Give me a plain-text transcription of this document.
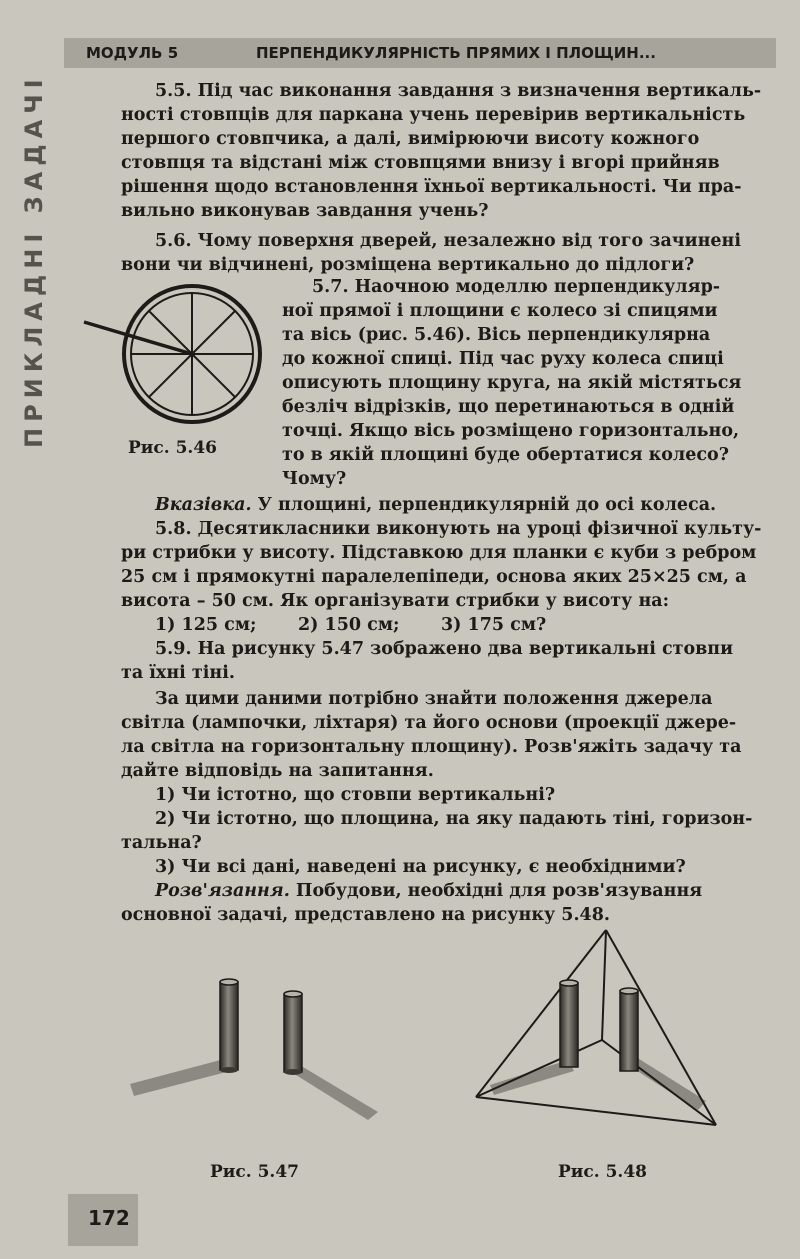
МОДУЛЬ 5	ПЕРПЕНДИКУЛЯРНІСТЬ ПРЯМИХ І ПЛОЩИН...
ПРИКЛАДНІ ЗАДАЧІ	5.5. Під час виконання завдання з визначення вертикаль-
ності стовпців для паркана учень перевірив вертикальність
першого стовпчика, а далі, вимірюючи висоту кожного
стовпця та відстані між стовпцями внизу і вгорі прийняв
рішення щодо встановлення їхньої вертикальності. Чи пра-
вильно виконував завдання учень?
5.6. Чому поверхня дверей, незалежно від того зачинені
вони чи відчинені, розміщена вертикально до підлоги?
Рис. 5.46
5.7. Наочною моделлю перпендикуляр-
ної прямої і площини є колесо зі спицями
та вісь (рис. 5.46). Вісь перпендикулярна
до кожної спиці. Під час руху колеса спиці
описують площину круга, на якій містяться
безліч відрізків, що перетинаються в одній
точці. Якщо вісь розміщено горизонтально,
то в якій площині буде обертатися колесо?
Чому?
Вказівка. У площині, перпендикулярній до осі колеса.
5.8. Десятикласники виконують на уроці фізичної культу-
ри стрибки у висоту. Підставкою для планки є куби з ребром
25 см і прямокутні паралелепіпеди, основа яких 25×25 см, а
висота – 50 см. Як організувати стрибки у висоту на:
1) 125 см; 2) 150 см; 3) 175 см?
5.9. На рисунку 5.47 зображено два вертикальні стовпи
та їхні тіні.
За цими даними потрібно знайти положення джерела
світла (лампочки, ліхтаря) та його основи (проекції джере-
ла світла на горизонтальну площину). Розв'яжіть задачу та
дайте відповідь на запитання.
1) Чи істотно, що стовпи вертикальні?
2) Чи істотно, що площина, на яку падають тіні, горизон-
тальна?
3) Чи всі дані, наведені на рисунку, є необхідними?
Розв'язання. Побудови, необхідні для розв'язування
основної задачі, представлено на рисунку 5.48.
Рис. 5.47	Рис. 5.48
172
